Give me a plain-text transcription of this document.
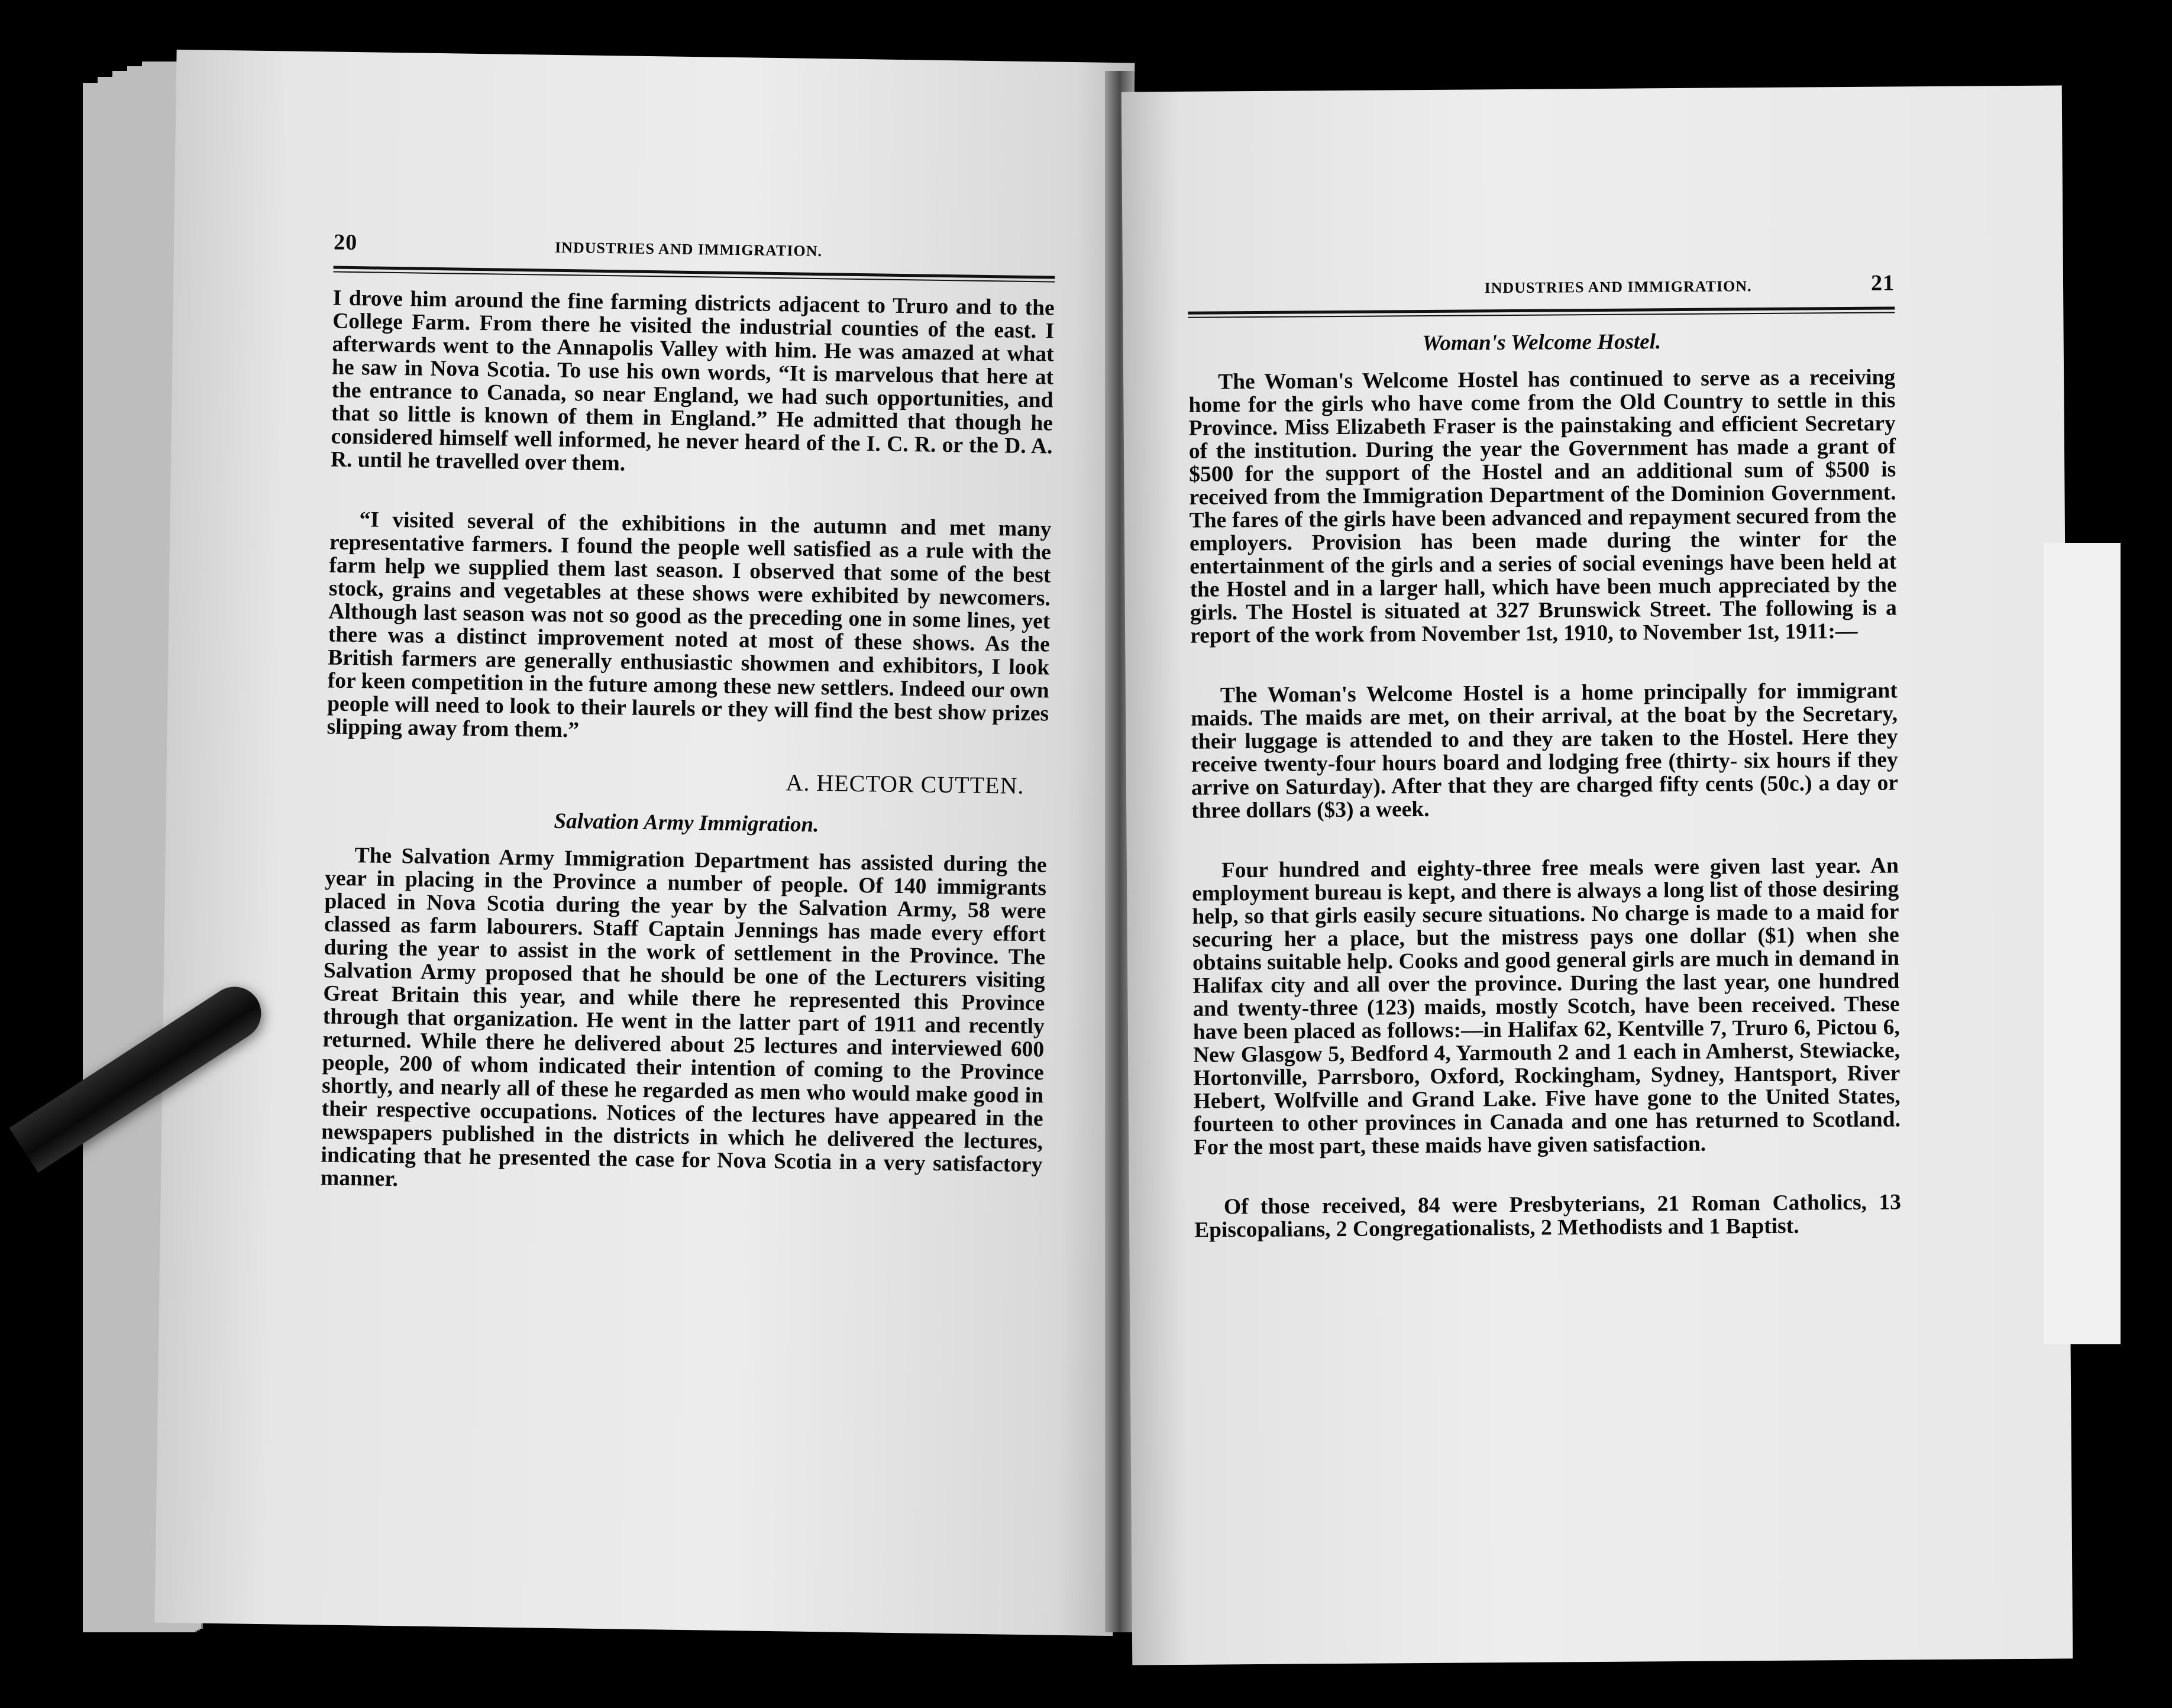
20	INDUSTRIES AND IMMIGRATION.

I drove him around the fine farming districts adjacent to Truro and to the College Farm. From there he visited the industrial counties of the east. I afterwards went to the Annapolis Valley with him. He was amazed at what he saw in Nova Scotia. To use his own words, “It is marvelous that here at the entrance to Canada, so near England, we had such opportunities, and that so little is known of them in England.” He admitted that though he considered himself well informed, he never heard of the I. C. R. or the D. A. R. until he travelled over them.

“I visited several of the exhibitions in the autumn and met many representative farmers. I found the people well satisfied as a rule with the farm help we supplied them last season. I observed that some of the best stock, grains and vegetables at these shows were exhibited by newcomers. Although last season was not so good as the preceding one in some lines, yet there was a distinct improvement noted at most of these shows. As the British farmers are generally enthusiastic showmen and exhibitors, I look for keen competition in the future among these new settlers. Indeed our own people will need to look to their laurels or they will find the best show prizes slipping away from them.”

A. HECTOR CUTTEN.
Salvation Army Immigration.

The Salvation Army Immigration Department has assisted during the year in placing in the Province a number of people. Of 140 immigrants placed in Nova Scotia during the year by the Salvation Army, 58 were classed as farm labourers. Staff Captain Jennings has made every effort during the year to assist in the work of settlement in the Province. The Salvation Army proposed that he should be one of the Lecturers visiting Great Britain this year, and while there he represented this Province through that organization. He went in the latter part of 1911 and recently returned. While there he delivered about 25 lectures and interviewed 600 people, 200 of whom indicated their intention of coming to the Province shortly, and nearly all of these he regarded as men who would make good in their respective occupations. Notices of the lectures have appeared in the newspapers published in the districts in which he delivered the lectures, indicating that he presented the case for Nova Scotia in a very satisfactory manner.

INDUSTRIES AND IMMIGRATION.	21
Woman's Welcome Hostel.

The Woman's Welcome Hostel has continued to serve as a receiving home for the girls who have come from the Old Country to settle in this Province. Miss Elizabeth Fraser is the painstaking and efficient Secretary of the institution. During the year the Government has made a grant of $500 for the support of the Hostel and an additional sum of $500 is received from the Immigration Department of the Dominion Government. The fares of the girls have been advanced and repayment secured from the employers. Provision has been made during the winter for the entertainment of the girls and a series of social evenings have been held at the Hostel and in a larger hall, which have been much appreciated by the girls. The Hostel is situated at 327 Brunswick Street. The following is a report of the work from November 1st, 1910, to November 1st, 1911:—

The Woman's Welcome Hostel is a home principally for immigrant maids. The maids are met, on their arrival, at the boat by the Secretary, their luggage is attended to and they are taken to the Hostel. Here they receive twenty-four hours board and lodging free (thirty- six hours if they arrive on Saturday). After that they are charged fifty cents (50c.) a day or three dollars ($3) a week.

Four hundred and eighty-three free meals were given last year. An employment bureau is kept, and there is always a long list of those desiring help, so that girls easily secure situations. No charge is made to a maid for securing her a place, but the mistress pays one dollar ($1) when she obtains suitable help. Cooks and good general girls are much in demand in Halifax city and all over the province. During the last year, one hundred and twenty-three (123) maids, mostly Scotch, have been received. These have been placed as follows:—in Halifax 62, Kentville 7, Truro 6, Pictou 6, New Glasgow 5, Bedford 4, Yarmouth 2 and 1 each in Amherst, Stewiacke, Hortonville, Parrsboro, Oxford, Rockingham, Sydney, Hantsport, River Hebert, Wolfville and Grand Lake. Five have gone to the United States, fourteen to other provinces in Canada and one has returned to Scotland. For the most part, these maids have given satisfaction.

Of those received, 84 were Presbyterians, 21 Roman Catholics, 13 Episcopalians, 2 Congregationalists, 2 Methodists and 1 Baptist.
